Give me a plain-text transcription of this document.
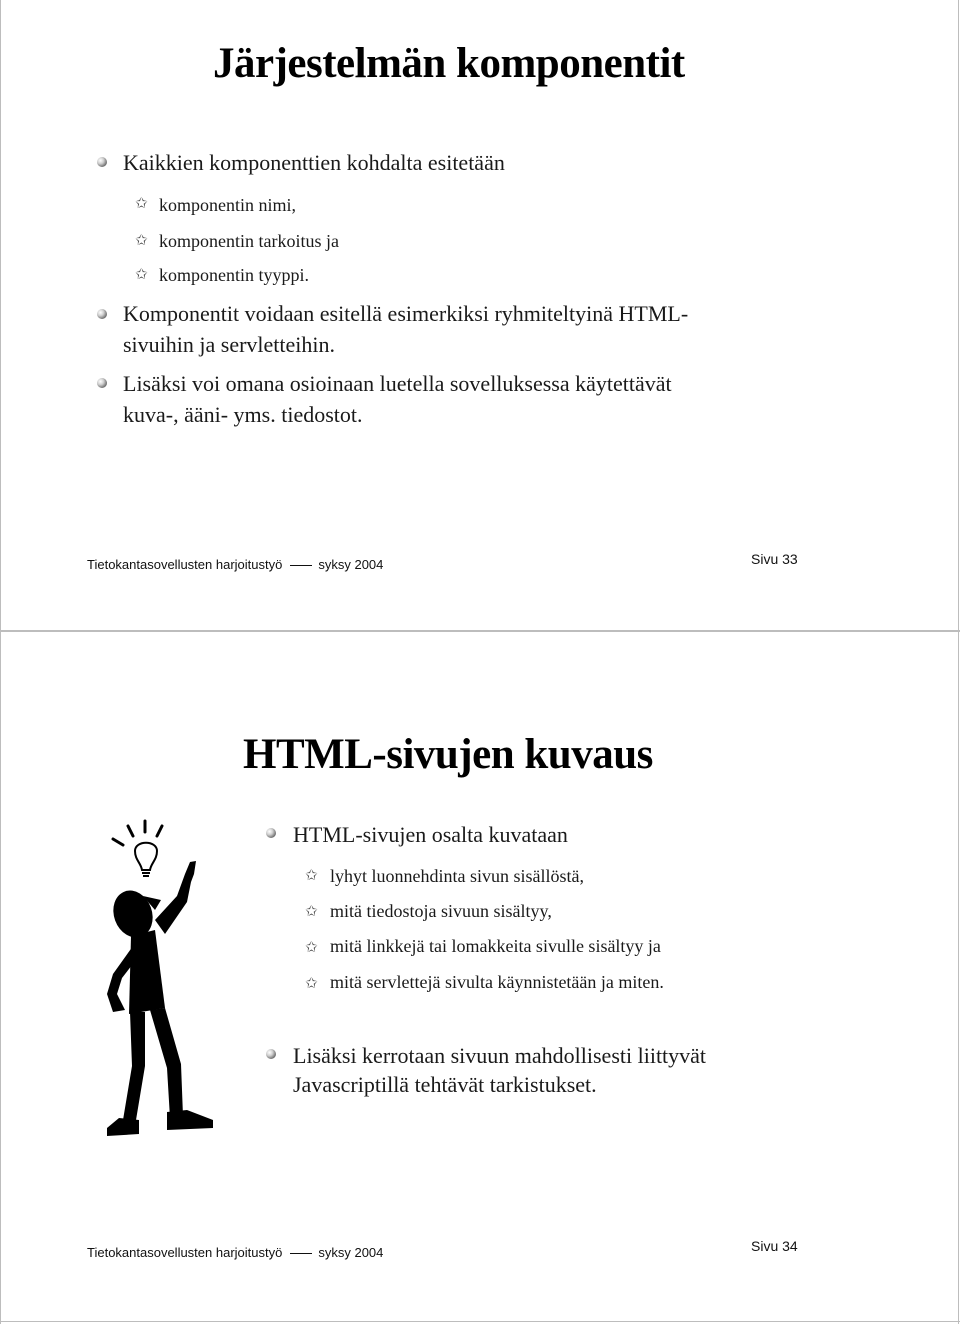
Järjestelmän komponentit
Kaikkien komponenttien kohdalta esitetään
✩ komponentin nimi,
✩ komponentin tarkoitus ja
✩ komponentin tyyppi.
Komponentit voidaan esitellä esimerkiksi ryhmiteltyinä HTML-
sivuihin ja servletteihin.
Lisäksi voi omana osioinaan luetella sovelluksessa käytettävät
kuva-, ääni- yms. tiedostot.
Tietokantasovellusten harjoitustyö	syksy 2004	Sivu 33
HTML-sivujen kuvaus
HTML-sivujen osalta kuvataan
✩ lyhyt luonnehdinta sivun sisällöstä,
✩ mitä tiedostoja sivuun sisältyy,
✩ mitä linkkejä tai lomakkeita sivulle sisältyy ja
✩ mitä servlettejä sivulta käynnistetään ja miten.
Lisäksi kerrotaan sivuun mahdollisesti liittyvät
Javascriptillä tehtävät tarkistukset.
Tietokantasovellusten harjoitustyö	syksy 2004	Sivu 34
